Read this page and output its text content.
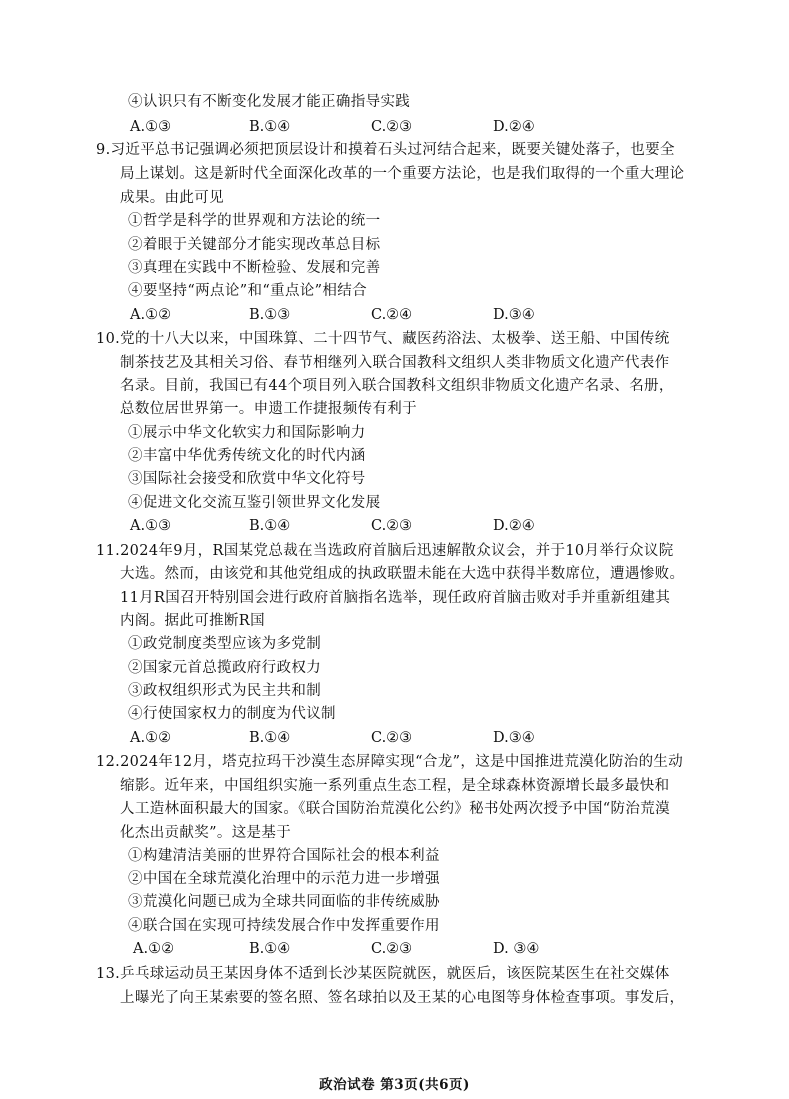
④认识只有不断变化发展才能正确指导实践
A.①③	B.①④	C.②③	D.②④
9.习近平总书记强调必须把顶层设计和摸着石头过河结合起来，既要关键处落子，也要全
局上谋划。这是新时代全面深化改革的一个重要方法论，也是我们取得的一个重大理论
成果。由此可见
①哲学是科学的世界观和方法论的统一
②着眼于关键部分才能实现改革总目标
③真理在实践中不断检验、发展和完善
④要坚持“两点论”和“重点论”相结合
A.①②	B.①③	C.②④	D.③④
10.党的十八大以来，中国珠算、二十四节气、藏医药浴法、太极拳、送王船、中国传统
制茶技艺及其相关习俗、春节相继列入联合国教科文组织人类非物质文化遗产代表作
名录。目前，我国已有44个项目列入联合国教科文组织非物质文化遗产名录、名册，
总数位居世界第一。申遗工作捷报频传有利于
①展示中华文化软实力和国际影响力
②丰富中华优秀传统文化的时代内涵
③国际社会接受和欣赏中华文化符号
④促进文化交流互鉴引领世界文化发展
A.①③	B.①④	C.②③	D.②④
11.2024年9月，R国某党总裁在当选政府首脑后迅速解散众议会，并于10月举行众议院
大选。然而，由该党和其他党组成的执政联盟未能在大选中获得半数席位，遭遇惨败。
11月R国召开特别国会进行政府首脑指名选举，现任政府首脑击败对手并重新组建其
内阁。据此可推断R国
①政党制度类型应该为多党制
②国家元首总揽政府行政权力
③政权组织形式为民主共和制
④行使国家权力的制度为代议制
A.①②	B.①④	C.②③	D.③④
12.2024年12月，塔克拉玛干沙漠生态屏障实现“合龙”，这是中国推进荒漠化防治的生动
缩影。近年来，中国组织实施一系列重点生态工程，是全球森林资源增长最多最快和
人工造林面积最大的国家。《联合国防治荒漠化公约》秘书处两次授予中国“防治荒漠
化杰出贡献奖”。这是基于
①构建清洁美丽的世界符合国际社会的根本利益
②中国在全球荒漠化治理中的示范力进一步增强
③荒漠化问题已成为全球共同面临的非传统威胁
④联合国在实现可持续发展合作中发挥重要作用
A.①②	B.①④	C.②③	D. ③④
13.乒乓球运动员王某因身体不适到长沙某医院就医，就医后，该医院某医生在社交媒体
上曝光了向王某索要的签名照、签名球拍以及王某的心电图等身体检查事项。事发后，
政治试卷 第3页(共6页)
